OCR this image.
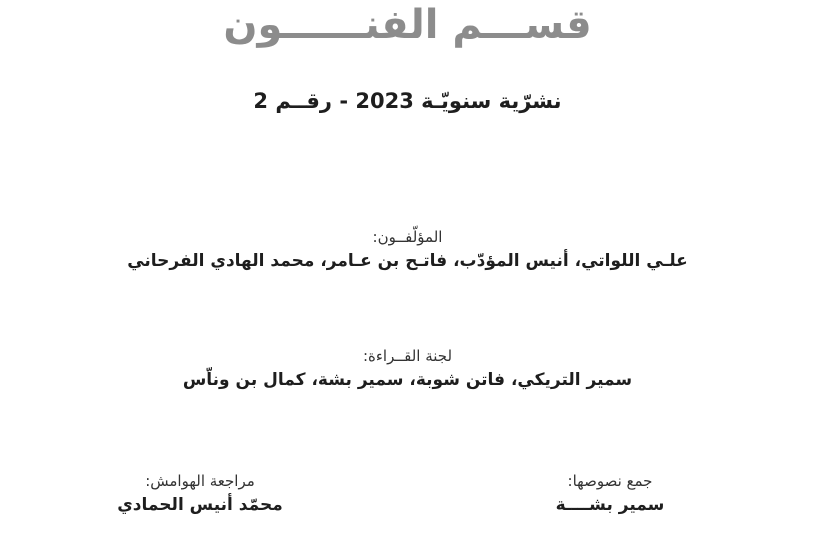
قســـم الفنــــــون
نشرّية سنويّـة 2023 - رقــم 2
المؤلّفــون:
علـي اللواتي، أنيس المؤدّب، فاتـح بن عـامر، محمد الهادي الفرحاني
لجنة القــراءة:
سمير التريكي، فاتن شوبة، سمير بشة، كمال بن وناّس
جمع نصوصها:
سمير بشــــة
مراجعة الهوامش:
محمّد أنيس الحمادي
